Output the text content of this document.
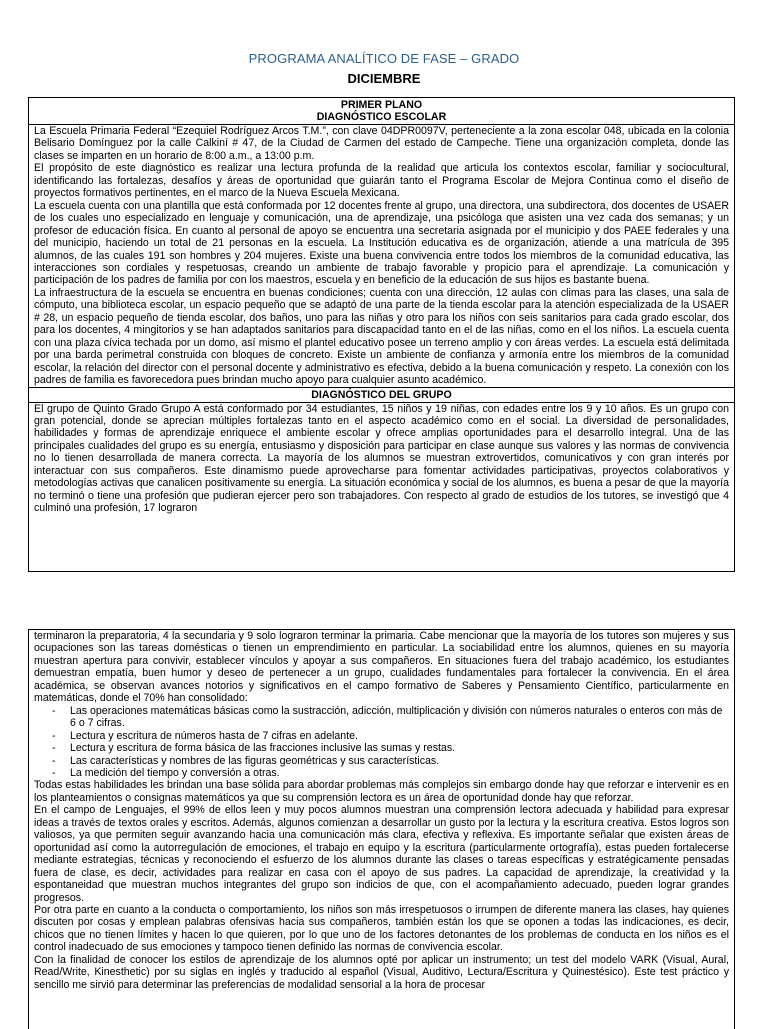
PROGRAMA ANALÍTICO DE FASE – GRADO
DICIEMBRE
PRIMER PLANO
DIAGNÓSTICO ESCOLAR

La Escuela Primaria Federal “Ezequiel Rodríguez Arcos T.M.”, con clave 04DPR0097V, perteneciente a la zona escolar 048, ubicada en la colonia Belisario Domínguez por la calle Calkiní # 47, de la Ciudad de Carmen del estado de Campeche. Tiene una organización completa, donde las clases se imparten en un horario de 8:00 a.m., a 13:00 p.m.

El propósito de este diagnóstico es realizar una lectura profunda de la realidad que articula los contextos escolar, familiar y sociocultural, identificando las fortalezas, desafíos y áreas de oportunidad que guiarán tanto el Programa Escolar de Mejora Continua como el diseño de proyectos formativos pertinentes, en el marco de la Nueva Escuela Mexicana.

La escuela cuenta con una plantilla que está conformada por 12 docentes frente al grupo, una directora, una subdirectora, dos docentes de USAER de los cuales uno especializado en lenguaje y comunicación, una de aprendizaje, una psicóloga que asisten una vez cada dos semanas; y un profesor de educación física. En cuanto al personal de apoyo se encuentra una secretaria asignada por el municipio y dos PAEE federales y una del municipio, haciendo un total de 21 personas en la escuela. La Institución educativa es de organización, atiende a una matrícula de 395 alumnos, de las cuales 191 son hombres y 204 mujeres. Existe una buena convivencia entre todos los miembros de la comunidad educativa, las interacciones son cordiales y respetuosas, creando un ambiente de trabajo favorable y propicio para el aprendizaje. La comunicación y participación de los padres de familia por con los maestros, escuela y en beneficio de la educación de sus hijos es bastante buena.

La infraestructura de la escuela se encuentra en buenas condiciones; cuenta con una dirección, 12 aulas con climas para las clases, una sala de cómputo, una biblioteca escolar, un espacio pequeño que se adaptó de una parte de la tienda escolar para la atención especializada de la USAER # 28, un espacio pequeño de tienda escolar, dos baños, uno para las niñas y otro para los niños con seis sanitarios para cada grado escolar, dos para los docentes, 4 mingitorios y se han adaptados sanitarios para discapacidad tanto en el de las niñas, como en el los niños. La escuela cuenta con una plaza cívica techada por un domo, así mismo el plantel educativo posee un terreno amplio y con áreas verdes. La escuela está delimitada por una barda perimetral construida con bloques de concreto. Existe un ambiente de confianza y armonía entre los miembros de la comunidad escolar, la relación del director con el personal docente y administrativo es efectiva, debido a la buena comunicación y respeto. La conexión con los padres de familia es favorecedora pues brindan mucho apoyo para cualquier asunto académico.

DIAGNÓSTICO DEL GRUPO

El grupo de Quinto Grado Grupo A está conformado por 34 estudiantes, 15 niños y 19 niñas, con edades entre los 9 y 10 años. Es un grupo con gran potencial, donde se aprecian múltiples fortalezas tanto en el aspecto académico como en el social. La diversidad de personalidades, habilidades y formas de aprendizaje enriquece el ambiente escolar y ofrece amplias oportunidades para el desarrollo integral. Una de las principales cualidades del grupo es su energía, entusiasmo y disposición para participar en clase aunque sus valores y las normas de convivencia no lo tienen desarrollada de manera correcta. La mayoría de los alumnos se muestran extrovertidos, comunicativos y con gran interés por interactuar con sus compañeros. Este dinamismo puede aprovecharse para fomentar actividades participativas, proyectos colaborativos y metodologías activas que canalicen positivamente su energía. La situación económica y social de los alumnos, es buena a pesar de que la mayoría no terminó o tiene una profesión que pudieran ejercer pero son trabajadores. Con respecto al grado de estudios de los tutores, se investigó que 4 culminó una profesión, 17 lograron

terminaron la preparatoria, 4 la secundaria y 9 solo lograron terminar la primaria. Cabe mencionar que la mayoría de los tutores son mujeres y sus ocupaciones son las tareas domésticas o tienen un emprendimiento en particular. La sociabilidad entre los alumnos, quienes en su mayoría muestran apertura para convivir, establecer vínculos y apoyar a sus compañeros. En situaciones fuera del trabajo académico, los estudiantes demuestran empatía, buen humor y deseo de pertenecer a un grupo, cualidades fundamentales para fortalecer la convivencia. En el área académica, se observan avances notorios y significativos en el campo formativo de Saberes y Pensamiento Científico, particularmente en matemáticas, donde el 70% han consolidado:

- Las operaciones matemáticas básicas como la sustracción, adicción, multiplicación y división con números naturales o enteros con más de 6 o 7 cifras.
- Lectura y escritura de números hasta de 7 cifras en adelante.
- Lectura y escritura de forma básica de las fracciones inclusive las sumas y restas.
- Las características y nombres de las figuras geométricas y sus características.
- La medición del tiempo y conversión a otras.

Todas estas habilidades les brindan una base sólida para abordar problemas más complejos sin embargo donde hay que reforzar e intervenir es en los planteamientos o consignas matemáticos ya que su comprensión lectora es un área de oportunidad donde hay que reforzar.

En el campo de Lenguajes, el 99% de ellos leen y muy pocos alumnos muestran una comprensión lectora adecuada y habilidad para expresar ideas a través de textos orales y escritos. Además, algunos comienzan a desarrollar un gusto por la lectura y la escritura creativa. Estos logros son valiosos, ya que permiten seguir avanzando hacia una comunicación más clara, efectiva y reflexiva. Es importante señalar que existen áreas de oportunidad así como la autorregulación de emociones, el trabajo en equipo y la escritura (particularmente ortografía), estas pueden fortalecerse mediante estrategias, técnicas y reconociendo el esfuerzo de los alumnos durante las clases o tareas específicas y estratégicamente pensadas fuera de clase, es decir, actividades para realizar en casa con el apoyo de sus padres. La capacidad de aprendizaje, la creatividad y la espontaneidad que muestran muchos integrantes del grupo son indicios de que, con el acompañamiento adecuado, pueden lograr grandes progresos.

Por otra parte en cuanto a la conducta o comportamiento, los niños son más irrespetuosos o irrumpen de diferente manera las clases, hay quienes discuten por cosas y emplean palabras ofensivas hacia sus compañeros, también están los que se oponen a todas las indicaciones, es decir, chicos que no tienen límites y hacen lo que quieren, por lo que uno de los factores detonantes de los problemas de conducta en los niños es el control inadecuado de sus emociones y tampoco tienen definido las normas de convivencia escolar.

Con la finalidad de conocer los estilos de aprendizaje de los alumnos opté por aplicar un instrumento; un test del modelo VARK (Visual, Aural, Read/Write, Kinesthetic) por su siglas en inglés y traducido al español (Visual, Auditivo, Lectura/Escritura y Quinestésico). Este test práctico y sencillo me sirvió para determinar las preferencias de modalidad sensorial a la hora de procesar
